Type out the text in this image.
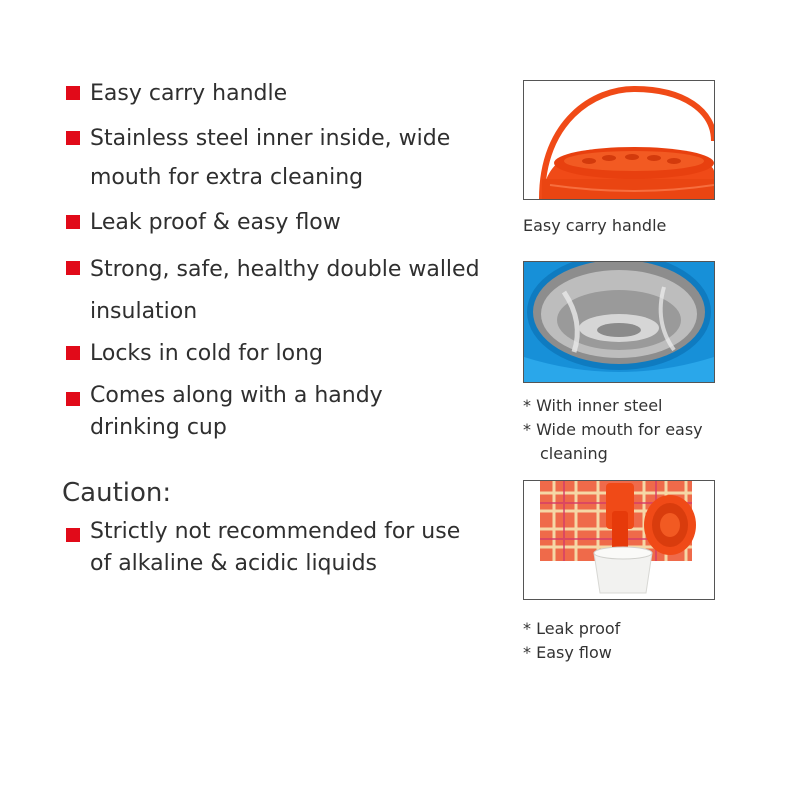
Easy carry handle
Stainless steel inner inside, wide
mouth for extra cleaning
Leak proof & easy flow
Strong, safe, healthy double walled
insulation
Locks in cold for long
Comes along with a handy
drinking cup
Caution:
Strictly not recommended for use
of alkaline & acidic liquids
Easy carry handle
* With inner steel
* Wide mouth for easy
cleaning
* Leak proof
* Easy flow
